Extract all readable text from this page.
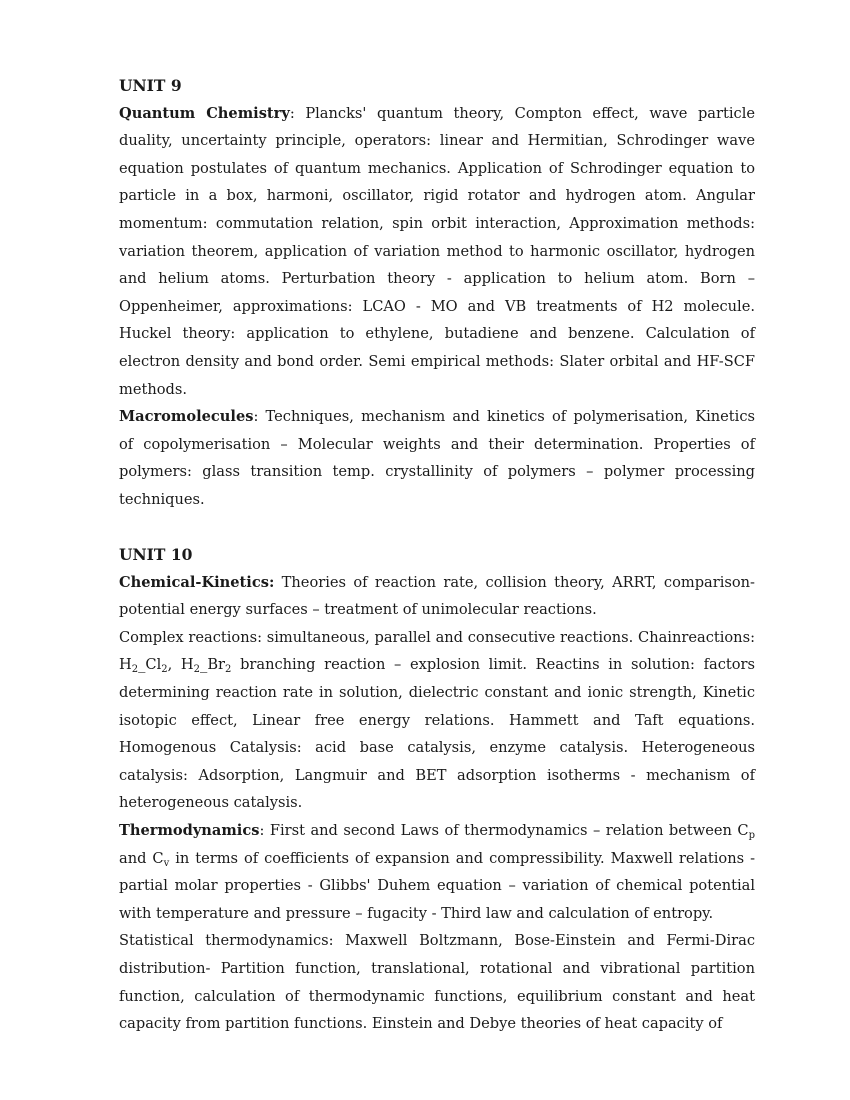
UNIT 9

Quantum Chemistry: Plancks' quantum theory, Compton effect, wave particle duality, uncertainty principle, operators: linear and Hermitian, Schrodinger wave equation postulates of quantum mechanics. Application of Schrodinger equation to particle in a box, harmoni, oscillator, rigid rotator and hydrogen atom. Angular momentum: commutation relation, spin orbit interaction, Approximation methods: variation theorem, application of variation method to harmonic oscillator, hydrogen and helium atoms. Perturbation theory - application to helium atom. Born – Oppenheimer, approximations: LCAO - MO and VB treatments of H2 molecule. Huckel theory: application to ethylene, butadiene and benzene. Calculation of electron density and bond order. Semi empirical methods: Slater orbital and HF-SCF methods.

Macromolecules: Techniques, mechanism and kinetics of polymerisation, Kinetics of copolymerisation – Molecular weights and their determination. Properties of polymers: glass transition temp. crystallinity of polymers – polymer processing techniques.

UNIT 10

Chemical-Kinetics: Theories of reaction rate, collision theory, ARRT, comparison-potential energy surfaces – treatment of unimolecular reactions.

Complex reactions: simultaneous, parallel and consecutive reactions. Chainreactions: $H_2\_Cl_2$, $H_2\_Br_2$ branching reaction – explosion limit. Reactins in solution: factors determining reaction rate in solution, dielectric constant and ionic strength, Kinetic isotopic effect, Linear free energy relations. Hammett and Taft equations. Homogenous Catalysis: acid base catalysis, enzyme catalysis. Heterogeneous catalysis: Adsorption, Langmuir and BET adsorption isotherms - mechanism of heterogeneous catalysis.

Thermodynamics: First and second Laws of thermodynamics – relation between $C_p$ and $C_v$ in terms of coefficients of expansion and compressibility. Maxwell relations - partial molar properties - Glibbs' Duhem equation – variation of chemical potential with temperature and pressure – fugacity - Third law and calculation of entropy.

Statistical thermodynamics: Maxwell Boltzmann, Bose-Einstein and Fermi-Dirac distribution- Partition function, translational, rotational and vibrational partition function, calculation of thermodynamic functions, equilibrium constant and heat capacity from partition functions. Einstein and Debye theories of heat capacity of
